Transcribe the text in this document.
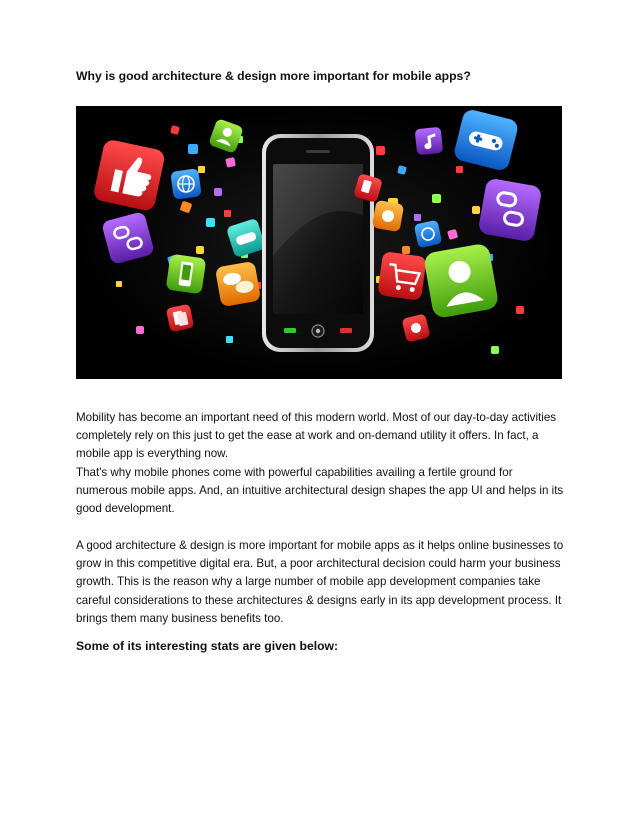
Why is good architecture & design more important for mobile apps?

Mobility has become an important need of this modern world. Most of our day-to-day activities completely rely on this just to get the ease at work and on-demand utility it offers. In fact, a mobile app is everything now.

That's why mobile phones come with powerful capabilities availing a fertile ground for numerous mobile apps. And, an intuitive architectural design shapes the app UI and helps in its good development.

A good architecture & design is more important for mobile apps as it helps online businesses to grow in this competitive digital era. But, a poor architectural decision could harm your business growth. This is the reason why a large number of mobile app development companies take careful considerations to these architectures & designs early in its app development process. It brings them many business benefits too.

Some of its interesting stats are given below:
